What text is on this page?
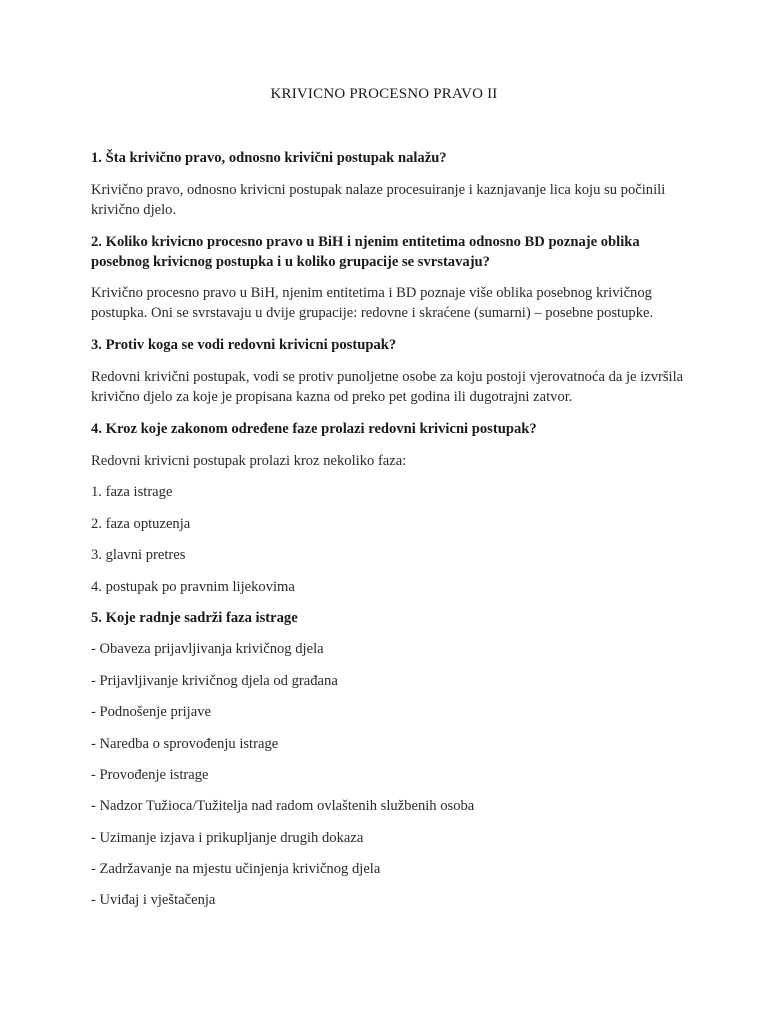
KRIVICNO PROCESNO PRAVO II

1. Šta krivično pravo, odnosno krivični postupak nalažu?

Krivično pravo, odnosno krivicni postupak nalaze procesuiranje i kaznjavanje lica koju su počinili krivično djelo.

2. Koliko krivicno procesno pravo u BiH i njenim entitetima odnosno BD poznaje oblika posebnog krivicnog postupka i u koliko grupacije se svrstavaju?

Krivično procesno pravo u BiH, njenim entitetima i BD poznaje više oblika posebnog krivičnog postupka. Oni se svrstavaju u dvije grupacije: redovne i skraćene (sumarni) – posebne postupke.

3. Protiv koga se vodi redovni krivicni postupak?

Redovni krivični postupak, vodi se protiv punoljetne osobe za koju postoji vjerovatnoća da je izvršila krivično djelo za koje je propisana kazna od preko pet godina ili dugotrajni zatvor.

4. Kroz koje zakonom određene faze prolazi redovni krivicni postupak?

Redovni krivicni postupak prolazi kroz nekoliko faza:

1. faza istrage

2. faza optuzenja

3. glavni pretres

4. postupak po pravnim lijekovima

5. Koje radnje sadrži faza istrage

- Obaveza prijavljivanja krivičnog djela

- Prijavljivanje krivičnog djela od građana

- Podnošenje prijave

- Naredba o sprovođenju istrage

- Provođenje istrage

- Nadzor Tužioca/Tužitelja nad radom ovlaštenih službenih osoba

- Uzimanje izjava i prikupljanje drugih dokaza

- Zadržavanje na mjestu učinjenja krivičnog djela

- Uviđaj i vještačenja
